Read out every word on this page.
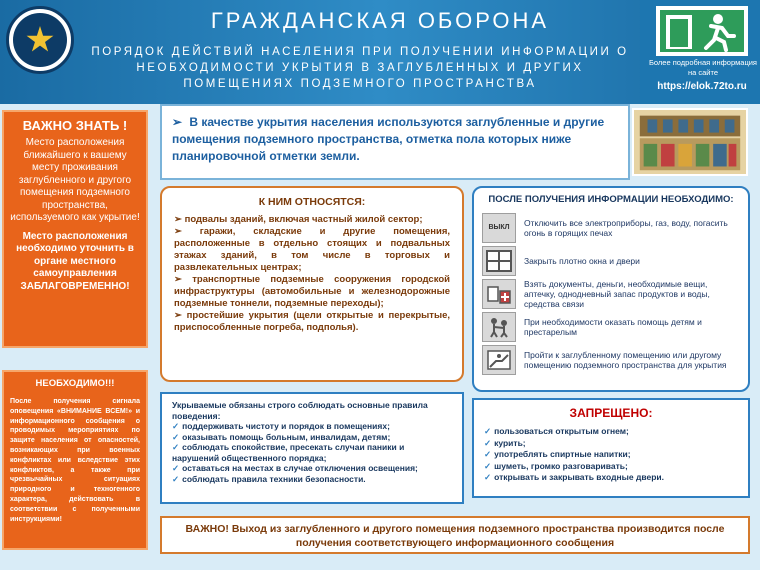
ГРАЖДАНСКАЯ ОБОРОНА
ПОРЯДОК ДЕЙСТВИЙ НАСЕЛЕНИЯ ПРИ ПОЛУЧЕНИИ ИНФОРМАЦИИ О НЕОБХОДИМОСТИ УКРЫТИЯ В ЗАГЛУБЛЕННЫХ И ДРУГИХ ПОМЕЩЕНИЯХ ПОДЗЕМНОГО ПРОСТРАНСТВА
Более подробная информация на сайте
https://elok.72to.ru
ВАЖНО ЗНАТЬ !
Место расположения ближайшего к вашему месту проживания заглубленного и другого помещения подземного пространства, используемого как укрытие!
Место расположения необходимо уточнить в органе местного самоуправления ЗАБЛАГОВРЕМЕННО!
НЕОБХОДИМО!!!
После получения сигнала оповещения «ВНИМАНИЕ ВСЕМ!» и информационного сообщения о проводимых мероприятиях по защите населения от опасностей, возникающих при военных конфликтах или вследствие этих конфликтов, а также при чрезвычайных ситуациях природного и техногенного характера, действовать в соответствии с полученными инструкциями!
➢ В качестве укрытия населения используются заглубленные и другие помещения подземного пространства, отметка пола которых ниже планировочной отметки земли.
К НИМ ОТНОСЯТСЯ:
➢ подвалы зданий, включая частный жилой сектор;
➢ гаражи, складские и другие помещения, расположенные в отдельно стоящих и подвальных этажах зданий, в том числе в торговых и развлекательных центрах;
➢ транспортные подземные сооружения городской инфраструктуры (автомобильные и железнодорожные подземные тоннели, подземные переходы);
➢ простейшие укрытия (щели открытые и перекрытые, приспособленные погреба, подполья).
ПОСЛЕ ПОЛУЧЕНИЯ ИНФОРМАЦИИ НЕОБХОДИМО:
ВЫКЛ	Отключить все электроприборы, газ, воду, погасить огонь в горящих печах
Закрыть плотно окна и двери
Взять документы, деньги, необходимые вещи, аптечку, однодневный запас продуктов и воды, средства связи
При необходимости оказать помощь детям и престарелым
Пройти к заглубленному помещению или другому помещению подземного пространства для укрытия
Укрываемые обязаны строго соблюдать основные правила поведения:
✓ поддерживать чистоту и порядок в помещениях;
✓ оказывать помощь больным, инвалидам, детям;
✓ соблюдать спокойствие, пресекать случаи паники и нарушений общественного порядка;
✓ оставаться на местах в случае отключения освещения;
✓ соблюдать правила техники безопасности.
ЗАПРЕЩЕНО:
✓ пользоваться открытым огнем;
✓ курить;
✓ употреблять спиртные напитки;
✓ шуметь, громко разговаривать;
✓ открывать и закрывать входные двери.
ВАЖНО! Выход из заглубленного и другого помещения подземного пространства производится после получения соответствующего информационного сообщения
